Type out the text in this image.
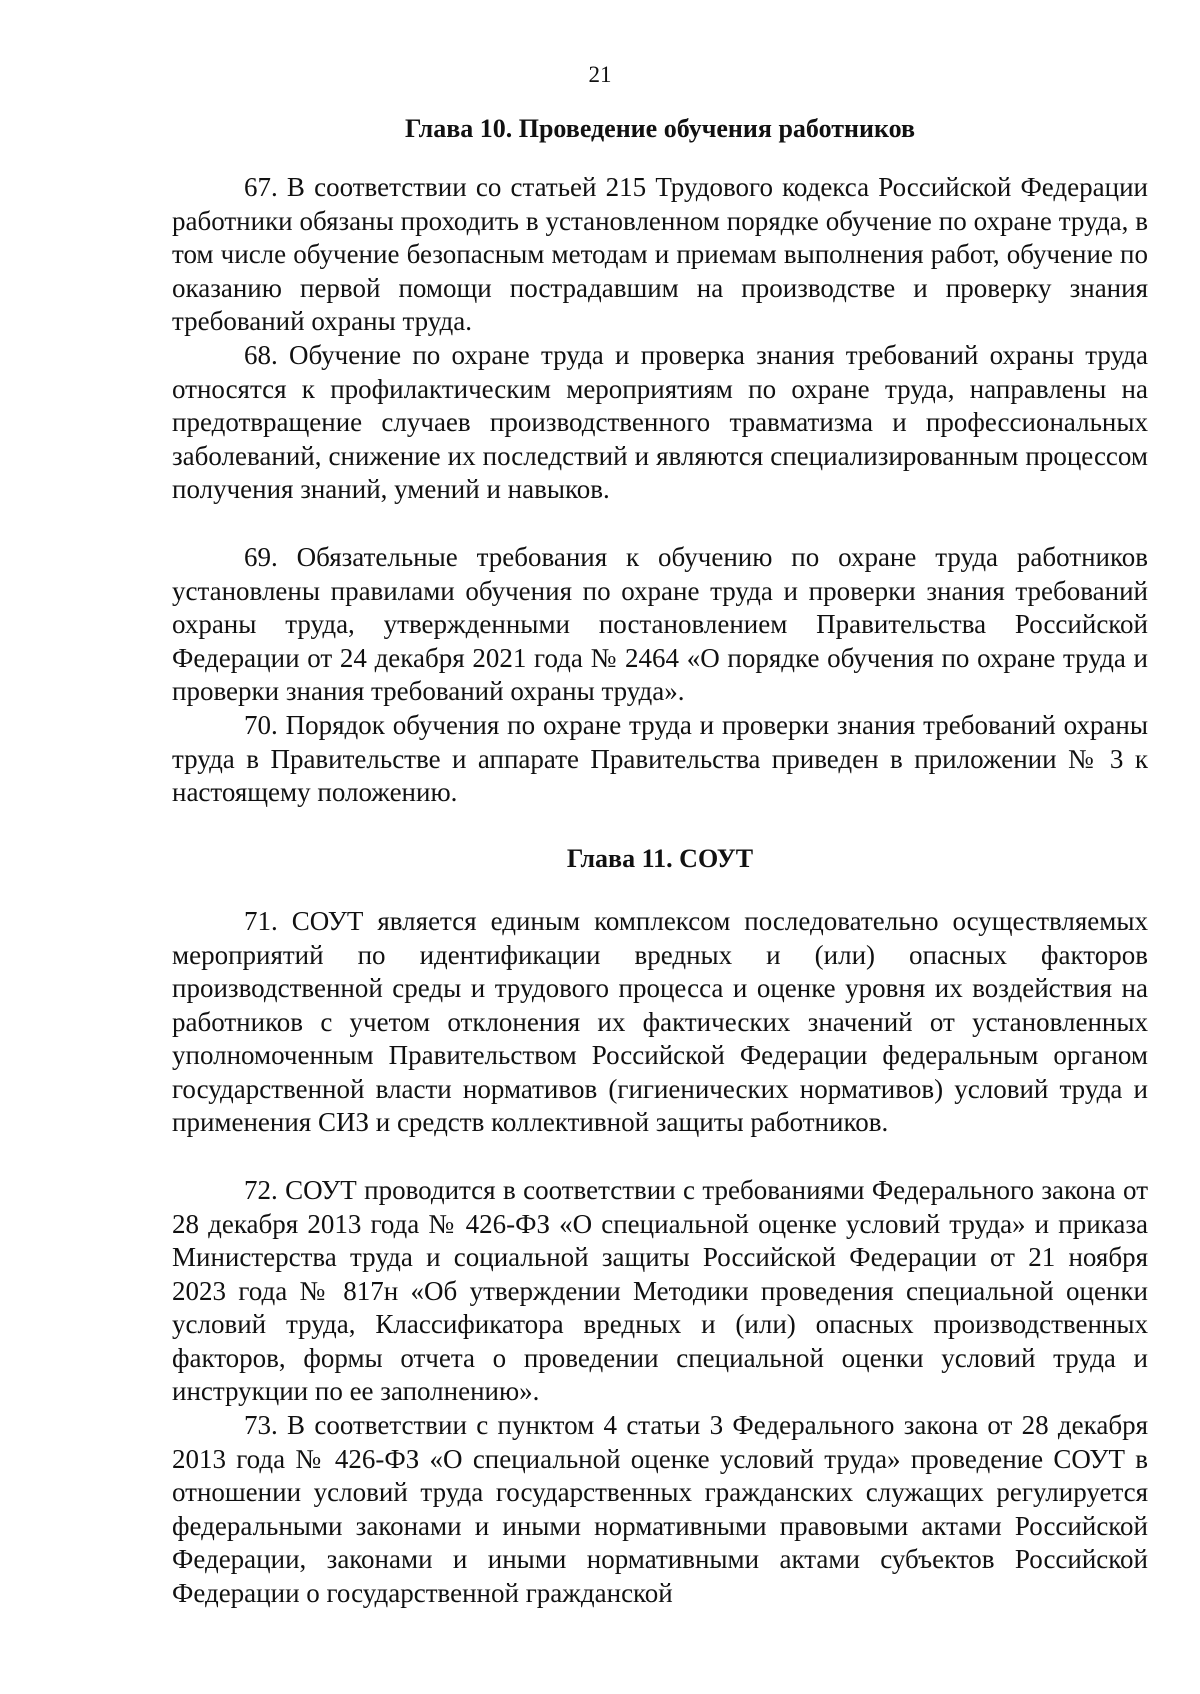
21
Глава 10. Проведение обучения работников

67. В соответствии со статьей 215 Трудового кодекса Российской Федерации работники обязаны проходить в установленном порядке обучение по охране труда, в том числе обучение безопасным методам и приемам выполнения работ, обучение по оказанию первой помощи пострадавшим на производстве и проверку знания требований охраны труда.

68. Обучение по охране труда и проверка знания требований охраны труда относятся к профилактическим мероприятиям по охране труда, направлены на предотвращение случаев производственного травматизма и профессиональных заболеваний, снижение их последствий и являются специализированным процессом получения знаний, умений и навыков.

69. Обязательные требования к обучению по охране труда работников установлены правилами обучения по охране труда и проверки знания требований охраны труда, утвержденными постановлением Правительства Российской Федерации от 24 декабря 2021 года № 2464 «О порядке обучения по охране труда и проверки знания требований охраны труда».

70. Порядок обучения по охране труда и проверки знания требований охраны труда в Правительстве и аппарате Правительства приведен в приложении № 3 к настоящему положению.

Глава 11. СОУТ

71. СОУТ является единым комплексом последовательно осуществляемых мероприятий по идентификации вредных и (или) опасных факторов производственной среды и трудового процесса и оценке уровня их воздействия на работников с учетом отклонения их фактических значений от установленных уполномоченным Правительством Российской Федерации федеральным органом государственной власти нормативов (гигиенических нормативов) условий труда и применения СИЗ и средств коллективной защиты работников.

72. СОУТ проводится в соответствии с требованиями Федерального закона от 28 декабря 2013 года № 426-ФЗ «О специальной оценке условий труда» и приказа Министерства труда и социальной защиты Российской Федерации от 21 ноября 2023 года № 817н «Об утверждении Методики проведения специальной оценки условий труда, Классификатора вредных и (или) опасных производственных факторов, формы отчета о проведении специальной оценки условий труда и инструкции по ее заполнению».

73. В соответствии с пунктом 4 статьи 3 Федерального закона от 28 декабря 2013 года № 426-ФЗ «О специальной оценке условий труда» проведение СОУТ в отношении условий труда государственных гражданских служащих регулируется федеральными законами и иными нормативными правовыми актами Российской Федерации, законами и иными нормативными актами субъектов Российской Федерации о государственной гражданской
